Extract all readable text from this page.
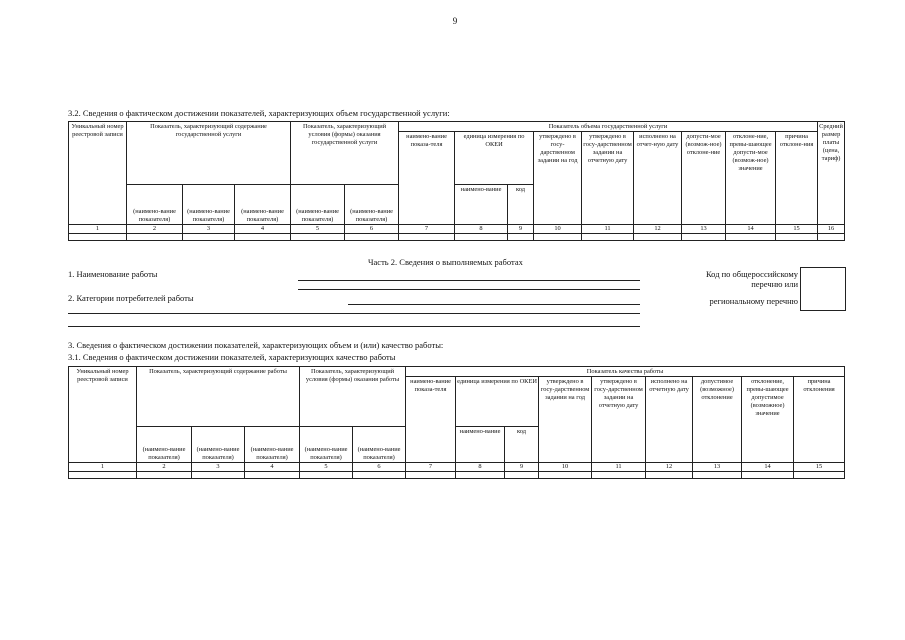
9
3.2. Сведения о фактическом достижении показателей, характеризующих объем государственной услуги:
Уникальный номер реестровой записи	Показатель, характеризующий содержание государственной услуги			Показатель, характеризующий условия (формы) оказания государственной услуги		Показатель объема государственной услуги									Средний размер платы (цена, тариф)
						наимено-вание показа-теля	единица измерения по ОКЕИ		утверждено в госу-дарственном задании на год	утверждено в госу-дарственном задании на отчетную дату	исполнено на отчет-ную дату	допусти-мое (возмож-ное) отклоне-ние	отклоне-ние, превы-шающее допусти-мое (возмож-ное) значение	причина отклоне-ния	
	(наимено-вание показателя)	(наимено-вание показателя)	(наимено-вание показателя)	(наимено-вание показателя)	(наимено-вание показателя)		наимено-вание	код							
1	2	3	4	5	6	7	8	9	10	11	12	13	14	15	16

Часть 2. Сведения о выполняемых работах
1. Наименование работы
2. Категории потребителей работы
Код по общероссийскому
перечню или
региональному перечню
3. Сведения о фактическом достижении показателей, характеризующих объем и (или) качество работы:
3.1. Сведения о фактическом достижении показателей, характеризующих качество работы
Уникальный номер реестровой записи	Показатель, характеризующий содержание работы			Показатель, характеризующий условия (формы) оказания работы		Показатель качества работы								
						наимено-вание показа-теля	единица измерения по ОКЕИ		утверждено в госу-дарственном задании на год	утверждено в госу-дарственном задании на отчетную дату	исполнено на отчетную дату	допустимое (возможное) отклонение	отклонение, превы-шающее допустимое (возможное) значение	причина отклонения
	(наимено-вание показателя)	(наимено-вание показателя)	(наимено-вание показателя)	(наимено-вание показателя)	(наимено-вание показателя)		наимено-вание	код						
1	2	3	4	5	6	7	8	9	10	11	12	13	14	15
